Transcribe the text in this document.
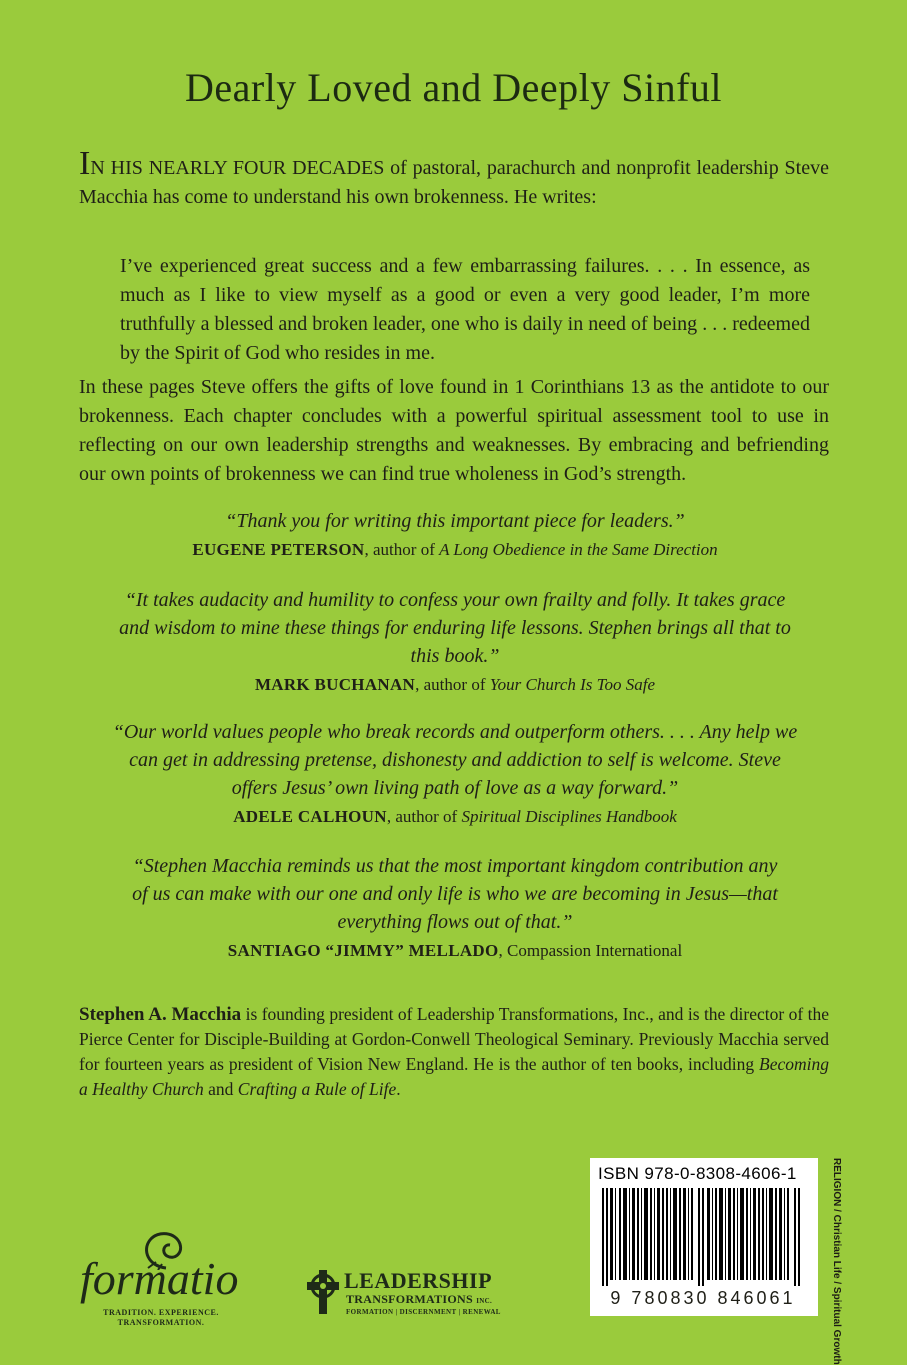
Dearly Loved and Deeply Sinful
IN HIS NEARLY FOUR DECADES of pastoral, parachurch and nonprofit leadership Steve Macchia has come to understand his own brokenness. He writes:
I’ve experienced great success and a few embarrassing failures. . . . In essence, as much as I like to view myself as a good or even a very good leader, I’m more truthfully a blessed and broken leader, one who is daily in need of being . . . redeemed by the Spirit of God who resides in me.
In these pages Steve offers the gifts of love found in 1 Corinthians 13 as the antidote to our brokenness. Each chapter concludes with a powerful spiritual assessment tool to use in reflecting on our own leadership strengths and weaknesses. By embracing and befriending our own points of brokenness we can find true wholeness in God’s strength.
“Thank you for writing this important piece for leaders.”
EUGENE PETERSON, author of A Long Obedience in the Same Direction
“It takes audacity and humility to confess your own frailty and folly. It takes grace and wisdom to mine these things for enduring life lessons. Stephen brings all that to this book.”
MARK BUCHANAN, author of Your Church Is Too Safe
“Our world values people who break records and outperform others. . . . Any help we can get in addressing pretense, dishonesty and addiction to self is welcome. Steve offers Jesus’ own living path of love as a way forward.”
ADELE CALHOUN, author of Spiritual Disciplines Handbook
“Stephen Macchia reminds us that the most important kingdom contribution any of us can make with our one and only life is who we are becoming in Jesus—that everything flows out of that.”
SANTIAGO “JIMMY” MELLADO, Compassion International
Stephen A. Macchia is founding president of Leadership Transformations, Inc., and is the director of the Pierce Center for Disciple-Building at Gordon-Conwell Theological Seminary. Previously Macchia served for fourteen years as president of Vision New England. He is the author of ten books, including Becoming a Healthy Church and Crafting a Rule of Life.
ISBN 978-0-8308-4606-1
9 780830 846061	RELIGION / Christian Life / Spiritual Growth
formatio
TRADITION. EXPERIENCE.
TRANSFORMATION.
LEADERSHIP
TRANSFORMATIONS INC.
FORMATION | DISCERNMENT | RENEWAL
